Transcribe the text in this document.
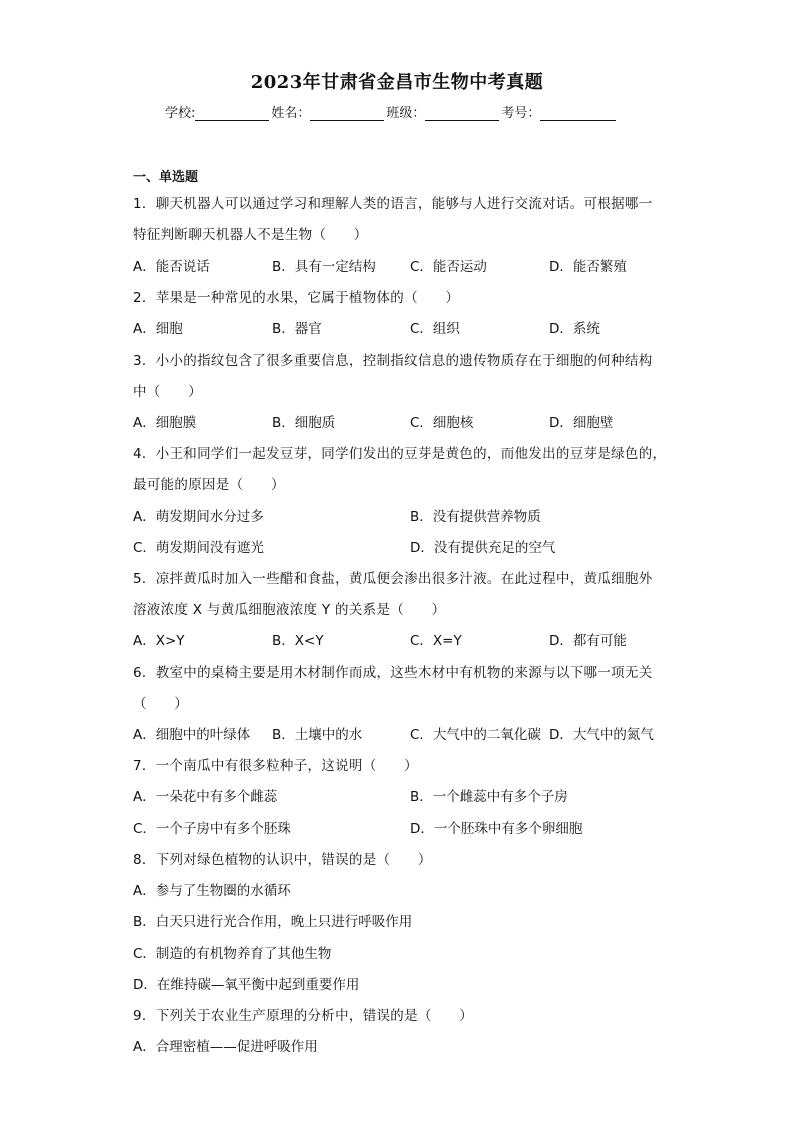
2023年甘肃省金昌市生物中考真题
学校:	姓名：	班级：	考号：
一、单选题
1．聊天机器人可以通过学习和理解人类的语言，能够与人进行交流对话。可根据哪一
特征判断聊天机器人不是生物（　　）
A．能否说话	B．具有一定结构	C．能否运动	D．能否繁殖
2．苹果是一种常见的水果，它属于植物体的（　　）
A．细胞	B．器官	C．组织	D．系统
3．小小的指纹包含了很多重要信息，控制指纹信息的遗传物质存在于细胞的何种结构
中（　　）
A．细胞膜	B．细胞质	C．细胞核	D．细胞壁
4．小王和同学们一起发豆芽，同学们发出的豆芽是黄色的，而他发出的豆芽是绿色的，
最可能的原因是（　　）
A．萌发期间水分过多	B．没有提供营养物质
C．萌发期间没有遮光	D．没有提供充足的空气
5．凉拌黄瓜时加入一些醋和食盐，黄瓜便会渗出很多汁液。在此过程中，黄瓜细胞外
溶液浓度 X 与黄瓜细胞液浓度 Y 的关系是（　　）
A．X>Y	B．X<Y	C．X=Y	D．都有可能
6．教室中的桌椅主要是用木材制作而成，这些木材中有机物的来源与以下哪一项无关
（　　）
A．细胞中的叶绿体 B．土壤中的水	C．大气中的二氧化碳 D．大气中的氮气
7．一个南瓜中有很多粒种子，这说明（　　）
A．一朵花中有多个雌蕊	B．一个雌蕊中有多个子房
C．一个子房中有多个胚珠	D．一个胚珠中有多个卵细胞
8．下列对绿色植物的认识中，错误的是（　　）
A．参与了生物圈的水循环
B．白天只进行光合作用，晚上只进行呼吸作用
C．制造的有机物养育了其他生物
D．在维持碳—氧平衡中起到重要作用
9．下列关于农业生产原理的分析中，错误的是（　　）
A．合理密植——促进呼吸作用
